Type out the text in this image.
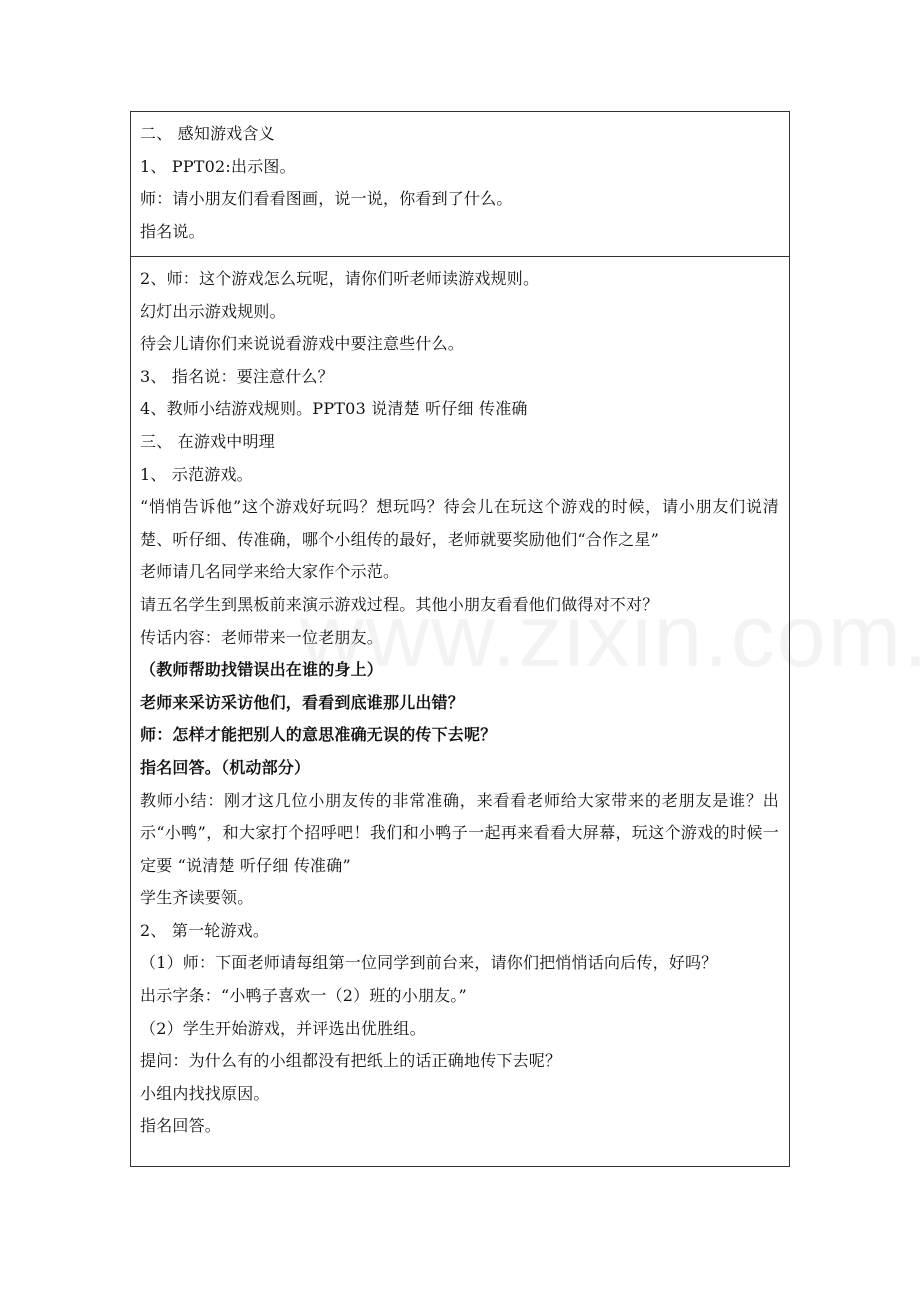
二、 感知游戏含义
1、 PPT02:出示图。
师：请小朋友们看看图画，说一说，你看到了什么。
指名说。
2、师：这个游戏怎么玩呢，请你们听老师读游戏规则。
幻灯出示游戏规则。
待会儿请你们来说说看游戏中要注意些什么。
3、 指名说：要注意什么？
4、教师小结游戏规则。PPT03 说清楚 听仔细 传准确
三、 在游戏中明理
1、 示范游戏。
“悄悄告诉他”这个游戏好玩吗？想玩吗？待会儿在玩这个游戏的时候，请小朋友们说清楚、听仔细、传准确，哪个小组传的最好，老师就要奖励他们“合作之星”
老师请几名同学来给大家作个示范。
请五名学生到黑板前来演示游戏过程。其他小朋友看看他们做得对不对？
传话内容：老师带来一位老朋友。
（教师帮助找错误出在谁的身上）
老师来采访采访他们，看看到底谁那儿出错？
师：怎样才能把别人的意思准确无误的传下去呢？
指名回答。（机动部分）
教师小结：刚才这几位小朋友传的非常准确，来看看老师给大家带来的老朋友是谁？出示“小鸭”，和大家打个招呼吧！我们和小鸭子一起再来看看大屏幕，玩这个游戏的时候一定要 “说清楚 听仔细 传准确”
学生齐读要领。
2、 第一轮游戏。
（1）师：下面老师请每组第一位同学到前台来，请你们把悄悄话向后传，好吗？
出示字条：“小鸭子喜欢一（2）班的小朋友。”
（2）学生开始游戏，并评选出优胜组。
提问：为什么有的小组都没有把纸上的话正确地传下去呢？
小组内找找原因。
指名回答。
